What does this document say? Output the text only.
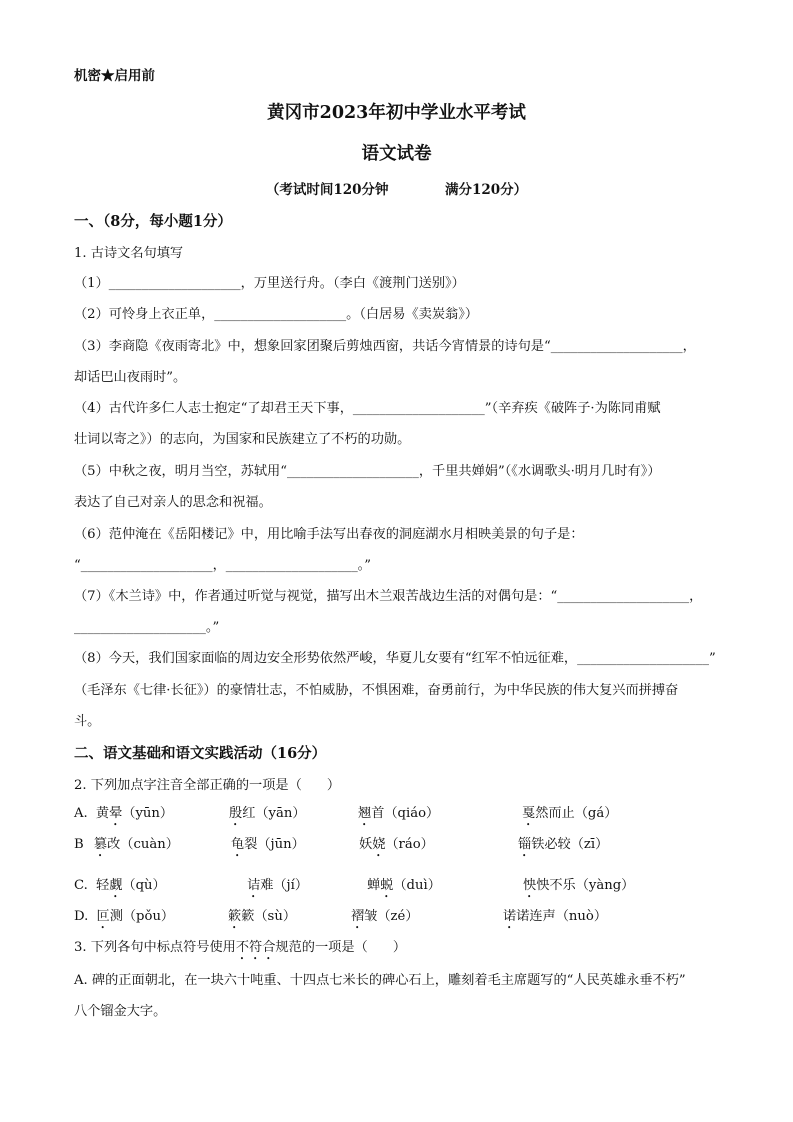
机密★启用前
黄冈市2023年初中学业水平考试
语文试卷
（考试时间120分钟            满分120分）
一、（8分，每小题1分）
1. 古诗文名句填写
（1）____________________，万里送行舟。（李白《渡荆门送别》）
（2）可怜身上衣正单，____________________。（白居易《卖炭翁》）
（3）李商隐《夜雨寄北》中，想象回家团聚后剪烛西窗，共话今宵情景的诗句是“____________________，
却话巴山夜雨时”。
（4）古代许多仁人志士抱定“了却君王天下事，____________________”（辛弃疾《破阵子·为陈同甫赋
壮词以寄之》）的志向，为国家和民族建立了不朽的功勋。
（5）中秋之夜，明月当空，苏轼用“____________________，千里共婵娟”（《水调歌头·明月几时有》）
表达了自己对亲人的思念和祝福。
（6）范仲淹在《岳阳楼记》中，用比喻手法写出春夜的洞庭湖水月相映美景的句子是：
“____________________，____________________。”
（7）《木兰诗》中，作者通过听觉与视觉，描写出木兰艰苦战边生活的对偶句是：“____________________，
____________________。”
（8）今天，我们国家面临的周边安全形势依然严峻，华夏儿女要有“红军不怕远征难，____________________”
（毛泽东《七律·长征》）的豪情壮志，不怕威胁，不惧困难，奋勇前行，为中华民族的伟大复兴而拼搏奋
斗。
二、语文基础和语文实践活动（16分）
2. 下列加点字注音全部正确的一项是（      ）
A. 黄晕（yūn）	殷红（yān）	翘首（qiáo）	戛然而止（gá）
B 篡改（cuàn）	龟裂（jūn）	妖娆（ráo）	锱铁必较（zī）
C. 轻觑（qù）	诘难（jí）	蝉蜕（duì）	怏怏不乐（yàng）
D. 叵测（pǒu）	簌簌（sù）	褶皱（zé）	诺诺连声（nuò）
3. 下列各句中标点符号使用不符合规范的一项是（      ）
A. 碑的正面朝北，在一块六十吨重、十四点七米长的碑心石上，雕刻着毛主席题写的“人民英雄永垂不朽”
八个镏金大字。
